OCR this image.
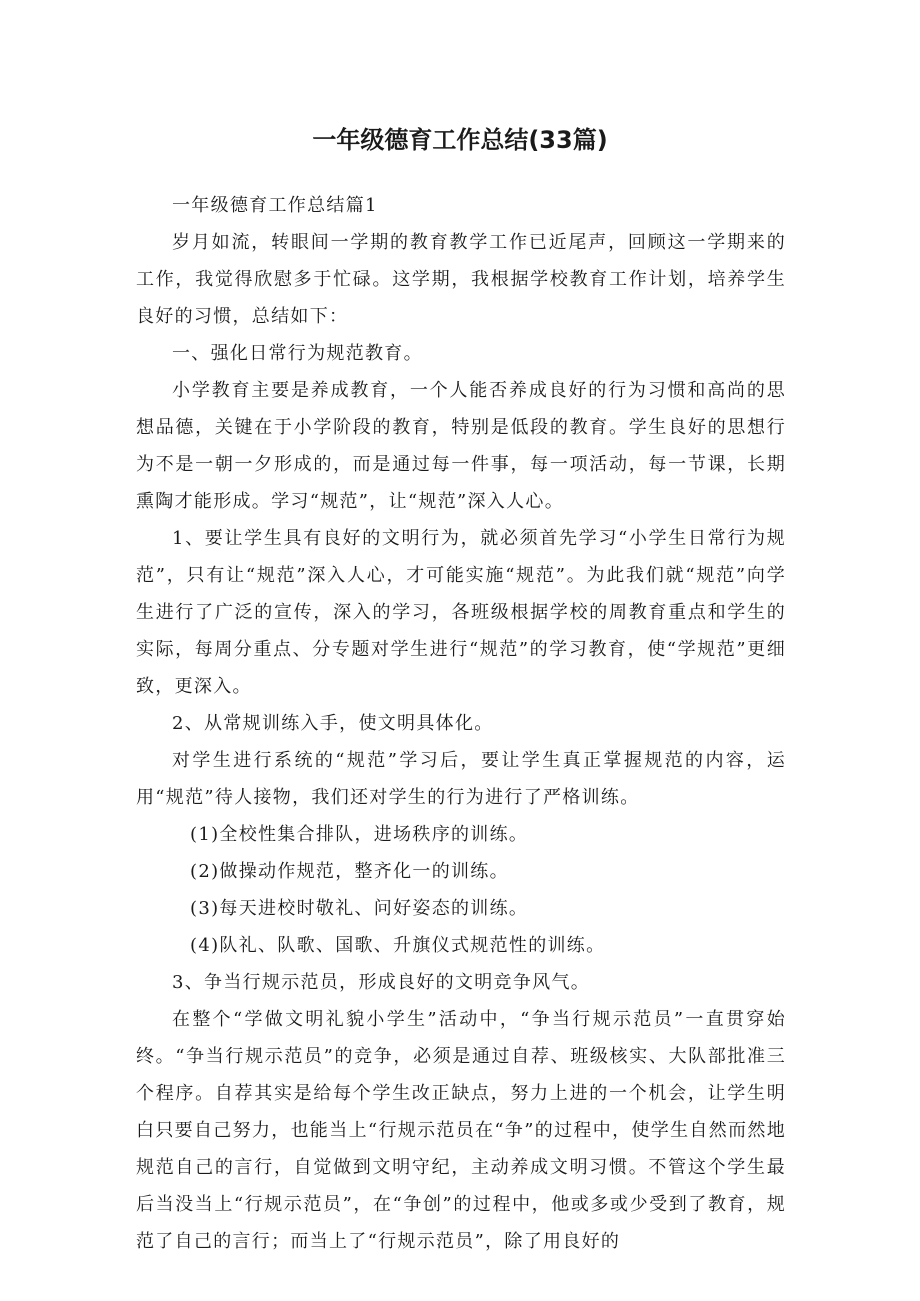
一年级德育工作总结(33篇)

一年级德育工作总结篇1

岁月如流，转眼间一学期的教育教学工作已近尾声，回顾这一学期来的工作，我觉得欣慰多于忙碌。这学期，我根据学校教育工作计划，培养学生良好的习惯，总结如下：

一、强化日常行为规范教育。

小学教育主要是养成教育，一个人能否养成良好的行为习惯和高尚的思想品德，关键在于小学阶段的教育，特别是低段的教育。学生良好的思想行为不是一朝一夕形成的，而是通过每一件事，每一项活动，每一节课，长期熏陶才能形成。学习“规范”，让“规范”深入人心。

1、要让学生具有良好的文明行为，就必须首先学习“小学生日常行为规范”，只有让“规范”深入人心，才可能实施“规范”。为此我们就“规范”向学生进行了广泛的宣传，深入的学习，各班级根据学校的周教育重点和学生的实际，每周分重点、分专题对学生进行“规范”的学习教育，使“学规范”更细致，更深入。

2、从常规训练入手，使文明具体化。

对学生进行系统的“规范”学习后，要让学生真正掌握规范的内容，运用“规范”待人接物，我们还对学生的行为进行了严格训练。

(1)全校性集合排队，进场秩序的训练。

(2)做操动作规范，整齐化一的训练。

(3)每天进校时敬礼、问好姿态的训练。

(4)队礼、队歌、国歌、升旗仪式规范性的训练。

3、争当行规示范员，形成良好的文明竞争风气。

在整个“学做文明礼貌小学生”活动中，“争当行规示范员”一直贯穿始终。“争当行规示范员”的竞争，必须是通过自荐、班级核实、大队部批准三个程序。自荐其实是给每个学生改正缺点，努力上进的一个机会，让学生明白只要自己努力，也能当上“行规示范员在“争”的过程中，使学生自然而然地规范自己的言行，自觉做到文明守纪，主动养成文明习惯。不管这个学生最后当没当上“行规示范员”，在“争创”的过程中，他或多或少受到了教育，规范了自己的言行；而当上了“行规示范员”，除了用良好的
